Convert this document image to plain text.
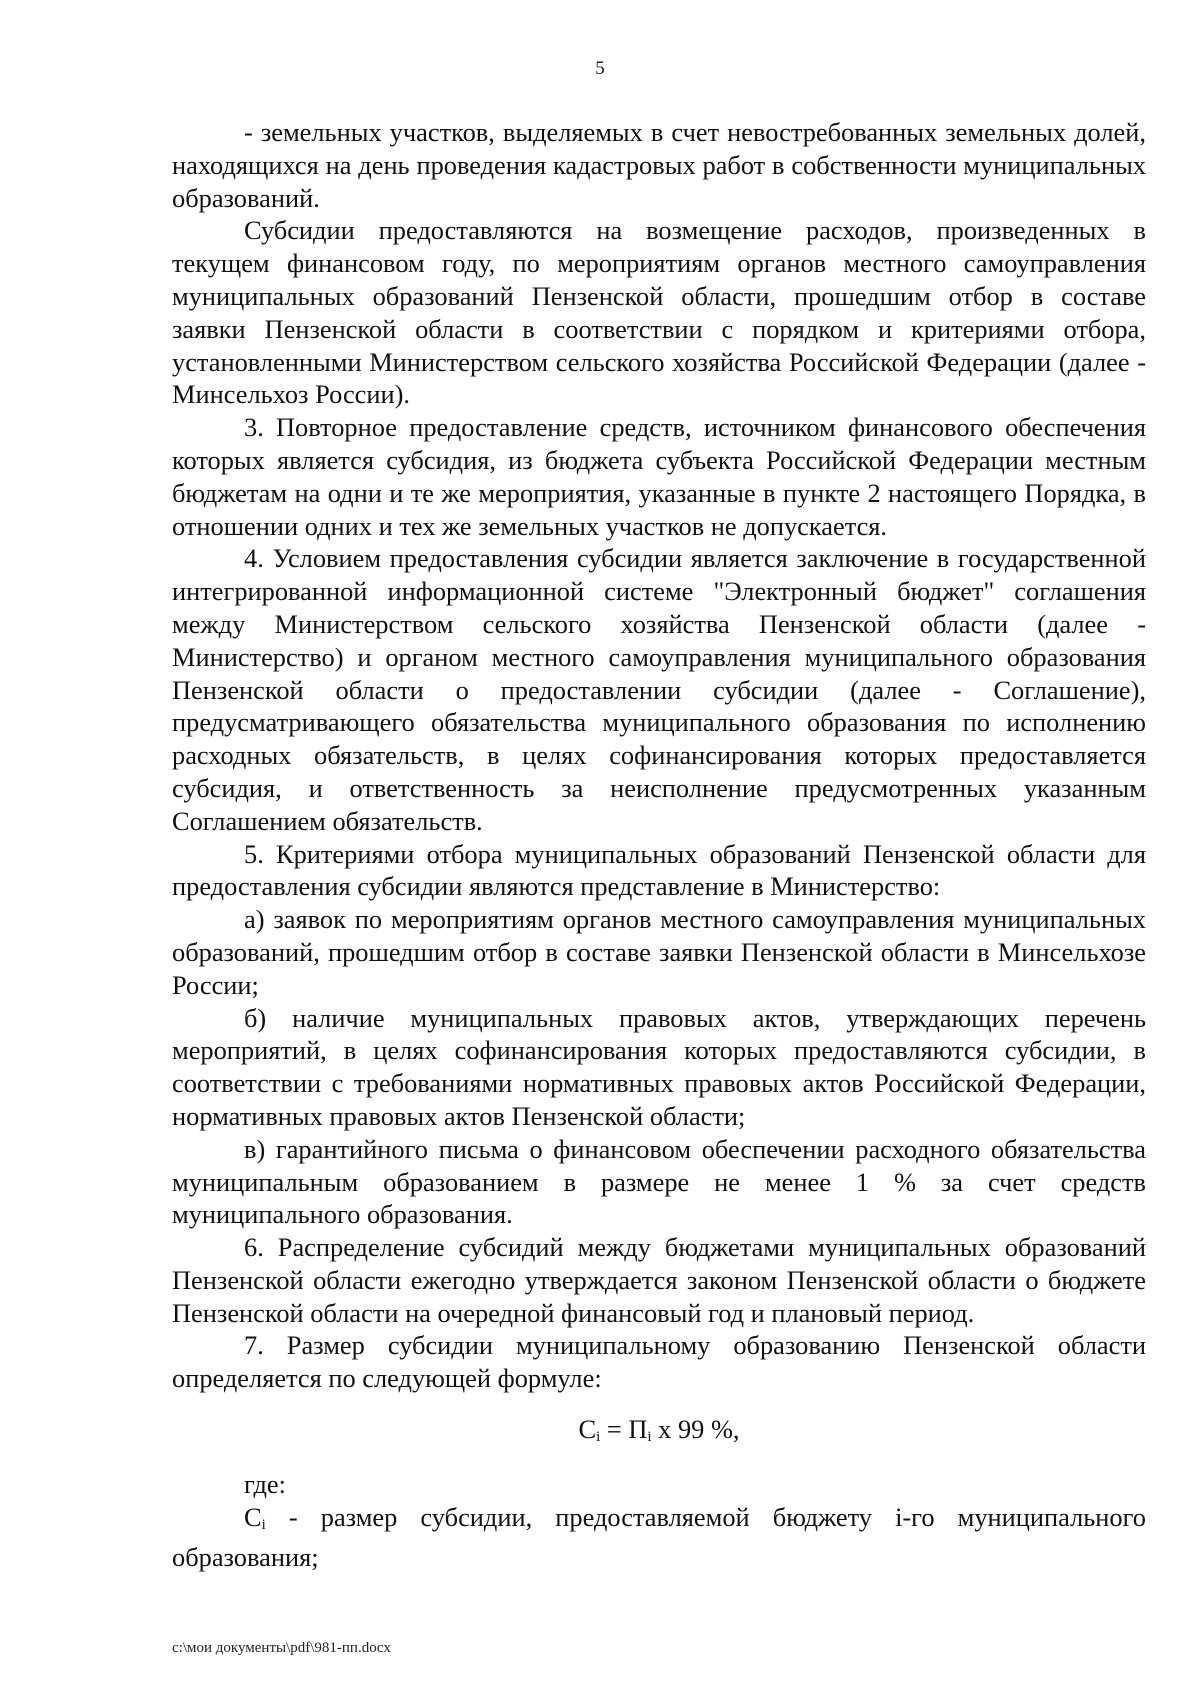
5

- земельных участков, выделяемых в счет невостребованных земельных долей, находящихся на день проведения кадастровых работ в собственности муниципальных образований.

Субсидии предоставляются на возмещение расходов, произведенных в текущем финансовом году, по мероприятиям органов местного самоуправления муниципальных образований Пензенской области, прошедшим отбор в составе заявки Пензенской области в соответствии с порядком и критериями отбора, установленными Министерством сельского хозяйства Российской Федерации (далее - Минсельхоз России).

3. Повторное предоставление средств, источником финансового обеспечения которых является субсидия, из бюджета субъекта Российской Федерации местным бюджетам на одни и те же мероприятия, указанные в пункте 2 настоящего Порядка, в отношении одних и тех же земельных участков не допускается.

4. Условием предоставления субсидии является заключение в государственной интегрированной информационной системе "Электронный бюджет" соглашения между Министерством сельского хозяйства Пензенской области (далее - Министерство) и органом местного самоуправления муниципального образования Пензенской области о предоставлении субсидии (далее - Соглашение), предусматривающего обязательства муниципального образования по исполнению расходных обязательств, в целях софинансирования которых предоставляется субсидия, и ответственность за неисполнение предусмотренных указанным Соглашением обязательств.

5. Критериями отбора муниципальных образований Пензенской области для предоставления субсидии являются представление в Министерство:

а) заявок по мероприятиям органов местного самоуправления муниципальных образований, прошедшим отбор в составе заявки Пензенской области в Минсельхозе России;

б) наличие муниципальных правовых актов, утверждающих перечень мероприятий, в целях софинансирования которых предоставляются субсидии, в соответствии с требованиями нормативных правовых актов Российской Федерации, нормативных правовых актов Пензенской области;

в) гарантийного письма о финансовом обеспечении расходного обязательства муниципальным образованием в размере не менее 1 % за счет средств муниципального образования.

6. Распределение субсидий между бюджетами муниципальных образований Пензенской области ежегодно утверждается законом Пензенской области о бюджете Пензенской области на очередной финансовый год и плановый период.

7. Размер субсидии муниципальному образованию Пензенской области определяется по следующей формуле:

$С_i = П_i$ х 99 %,

где:

$С_i$ - размер субсидии, предоставляемой бюджету i-го муниципального образования;

c:\мои документы\pdf\981-пп.docx
